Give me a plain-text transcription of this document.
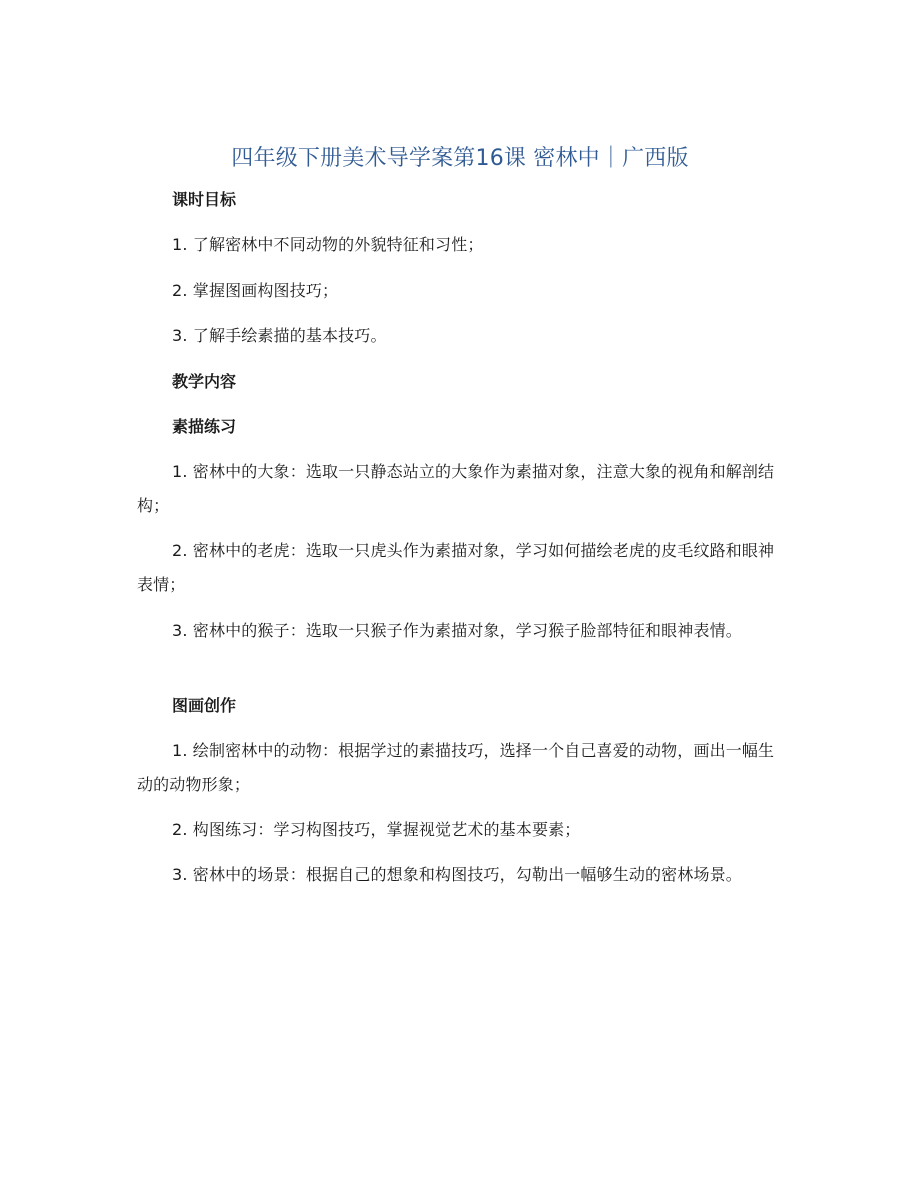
四年级下册美术导学案第16课 密林中｜广西版
课时目标
1. 了解密林中不同动物的外貌特征和习性；
2. 掌握图画构图技巧；
3. 了解手绘素描的基本技巧。
教学内容
素描练习
1. 密林中的大象：选取一只静态站立的大象作为素描对象，注意大象的视角和解剖结构；
2. 密林中的老虎：选取一只虎头作为素描对象，学习如何描绘老虎的皮毛纹路和眼神表情；
3. 密林中的猴子：选取一只猴子作为素描对象，学习猴子脸部特征和眼神表情。
图画创作
1. 绘制密林中的动物：根据学过的素描技巧，选择一个自己喜爱的动物，画出一幅生动的动物形象；
2. 构图练习：学习构图技巧，掌握视觉艺术的基本要素；
3. 密林中的场景：根据自己的想象和构图技巧，勾勒出一幅够生动的密林场景。
